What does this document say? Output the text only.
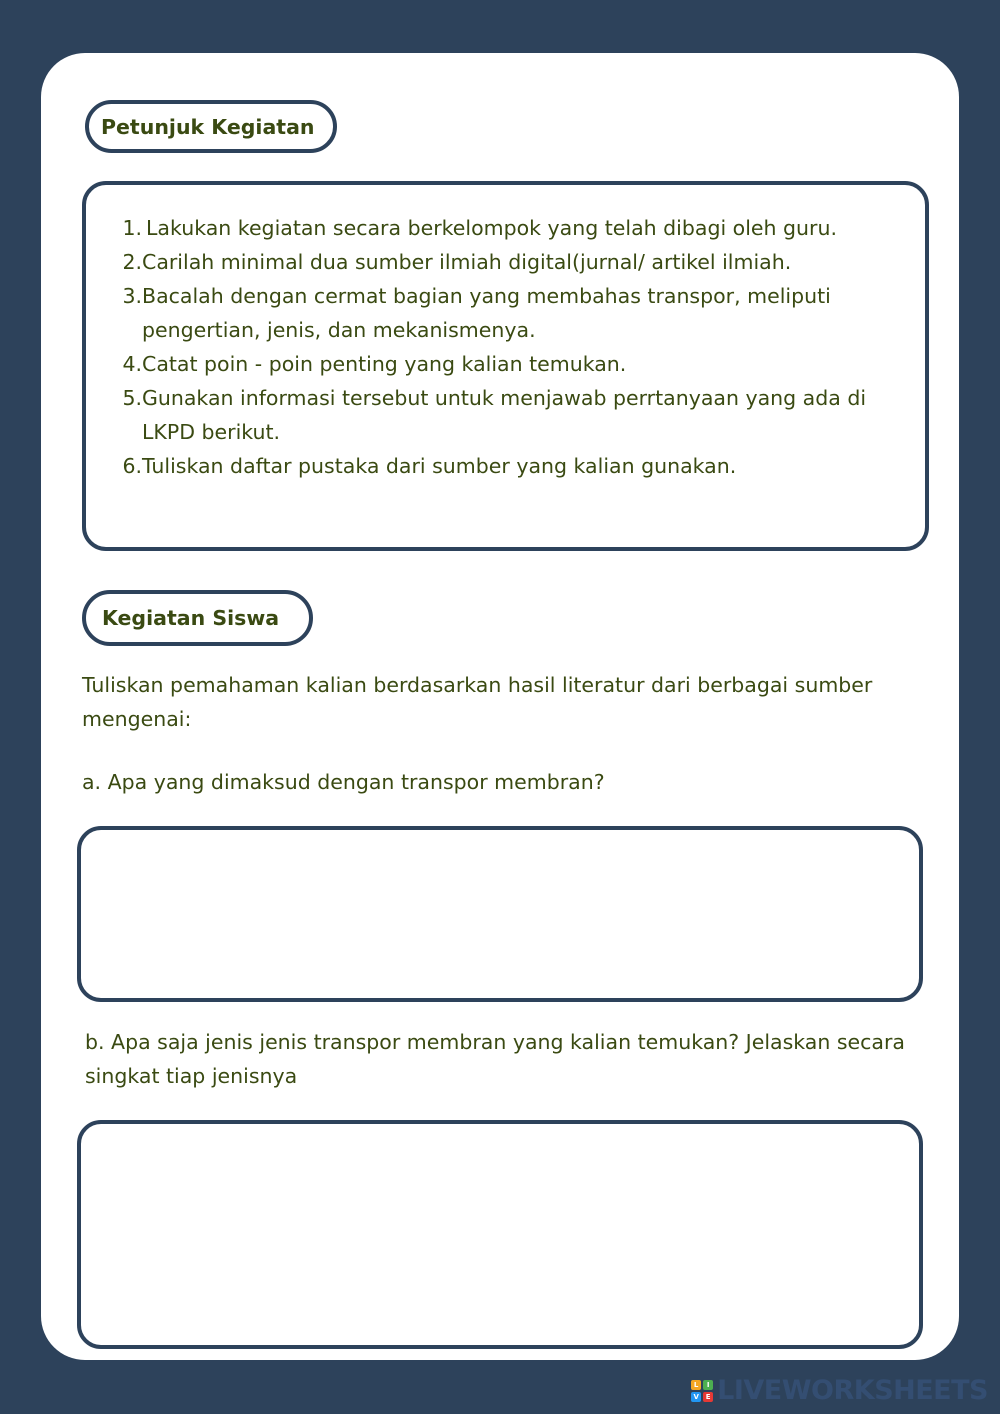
Petunjuk Kegiatan
1. Lakukan kegiatan secara berkelompok yang telah dibagi oleh guru.
2. Carilah minimal dua sumber ilmiah digital(jurnal/ artikel ilmiah.
3. Bacalah dengan cermat bagian yang membahas transpor, meliputi pengertian, jenis, dan mekanismenya.
4. Catat poin - poin penting yang kalian temukan.
5. Gunakan informasi tersebut untuk menjawab perrtanyaan yang ada di LKPD berikut.
6. Tuliskan daftar pustaka dari sumber yang kalian gunakan.
Kegiatan Siswa

Tuliskan pemahaman kalian berdasarkan hasil literatur dari berbagai sumber mengenai:

a. Apa yang dimaksud dengan transpor membran?

b. Apa saja jenis jenis transpor membran yang kalian temukan? Jelaskan secara singkat tiap jenisnya

L	I
V E LIVEWORKSHEETS
